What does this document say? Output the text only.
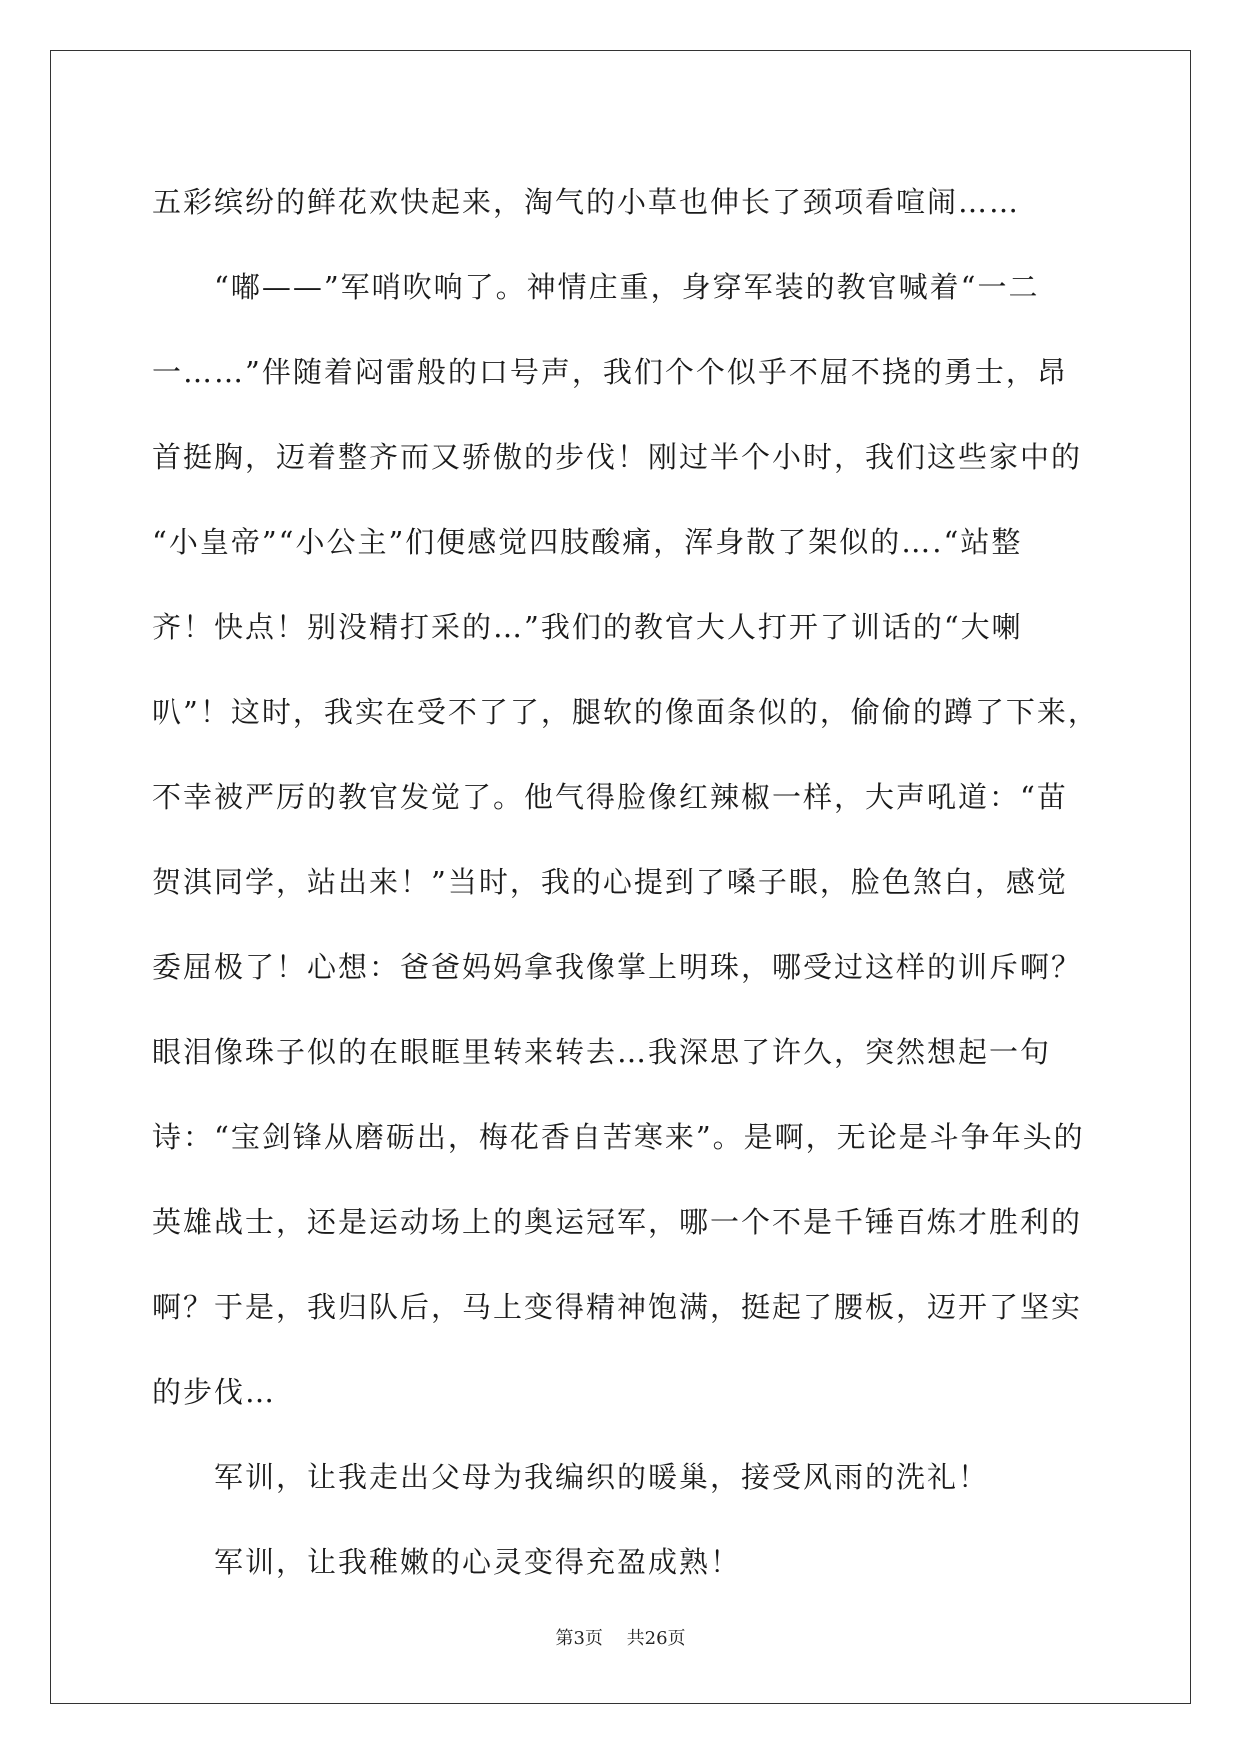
五彩缤纷的鲜花欢快起来，淘气的小草也伸长了颈项看喧闹……
“嘟——”军哨吹响了。神情庄重，身穿军装的教官喊着“一二
一……”伴随着闷雷般的口号声，我们个个似乎不屈不挠的勇士，昂
首挺胸，迈着整齐而又骄傲的步伐！刚过半个小时，我们这些家中的
“小皇帝”“小公主”们便感觉四肢酸痛，浑身散了架似的….“站整
齐！快点！别没精打采的…”我们的教官大人打开了训话的“大喇
叭”！这时，我实在受不了了，腿软的像面条似的，偷偷的蹲了下来，
不幸被严厉的教官发觉了。他气得脸像红辣椒一样，大声吼道：“苗
贺淇同学，站出来！”当时，我的心提到了嗓子眼，脸色煞白，感觉
委屈极了！心想：爸爸妈妈拿我像掌上明珠，哪受过这样的训斥啊？
眼泪像珠子似的在眼眶里转来转去…我深思了许久，突然想起一句
诗：“宝剑锋从磨砺出，梅花香自苦寒来”。是啊，无论是斗争年头的
英雄战士，还是运动场上的奥运冠军，哪一个不是千锤百炼才胜利的
啊？于是，我归队后，马上变得精神饱满，挺起了腰板，迈开了坚实
的步伐…
军训，让我走出父母为我编织的暖巢，接受风雨的洗礼！
军训，让我稚嫩的心灵变得充盈成熟！
第3页 共26页
